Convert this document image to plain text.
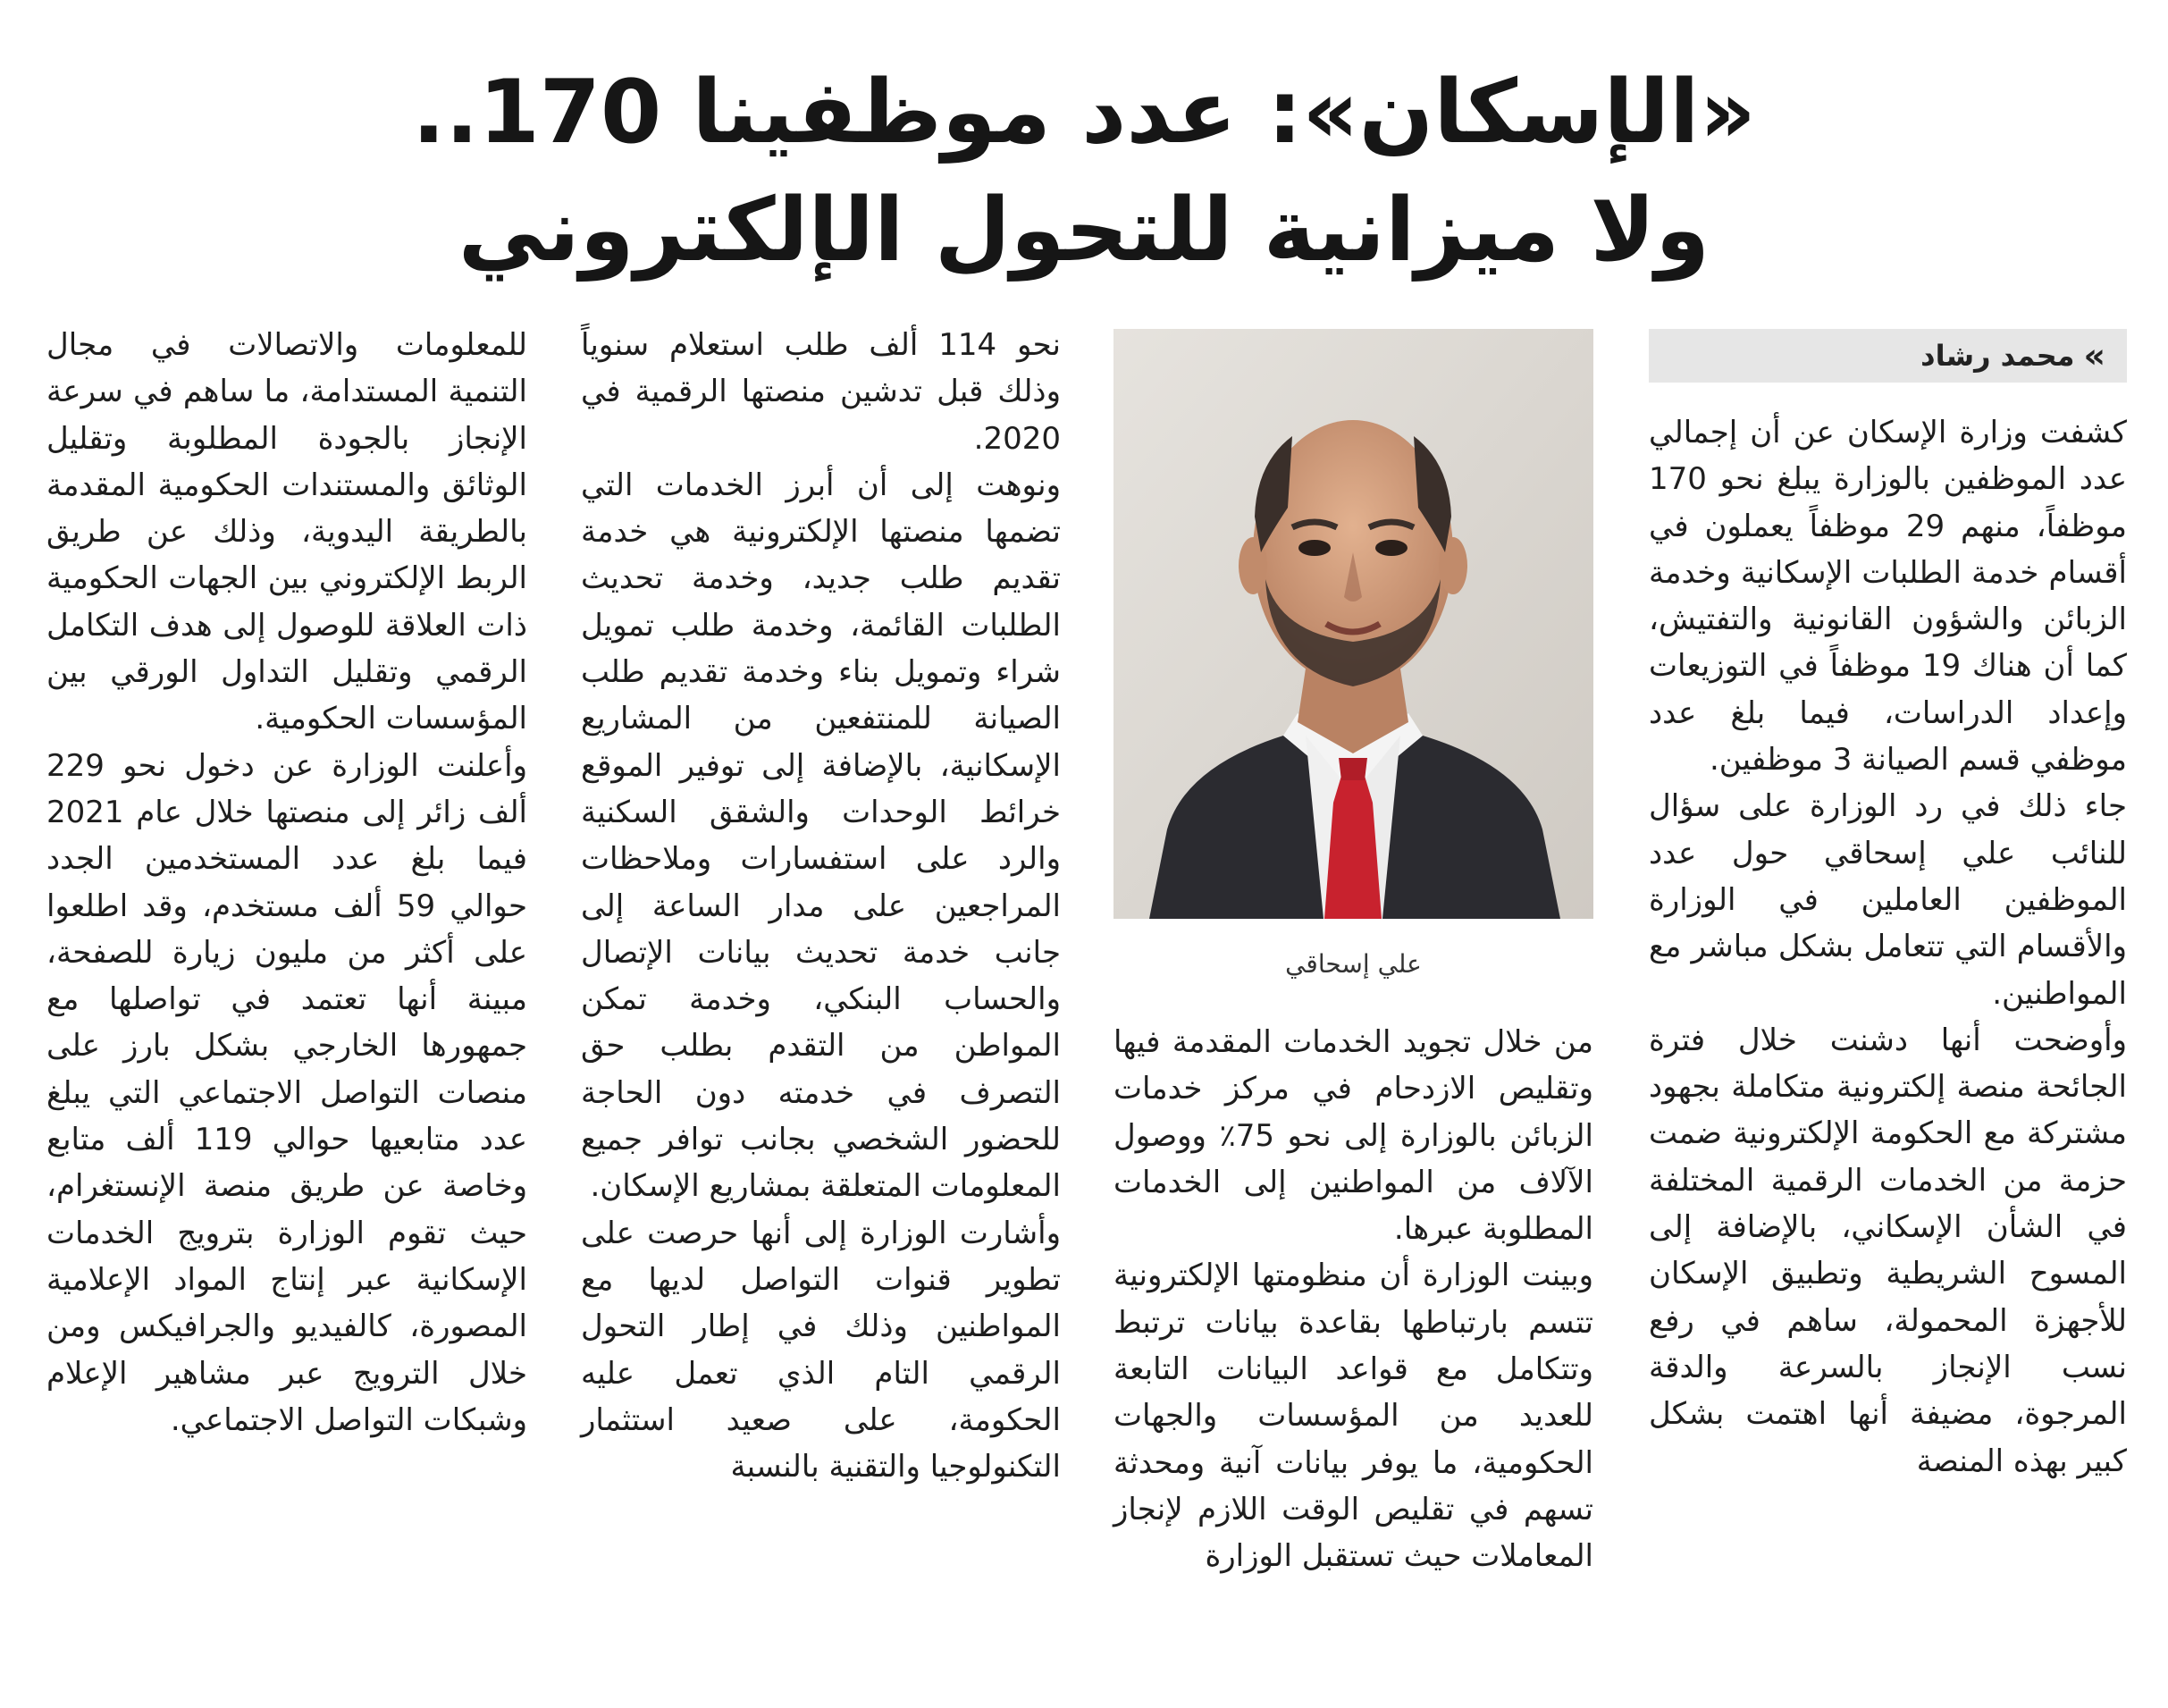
«الإسكان»: عدد موظفينا 170..
ولا ميزانية للتحول الإلكتروني
»
محمد رشاد

كشفت وزارة الإسكان عن أن إجمالي عدد الموظفين بالوزارة يبلغ نحو 170 موظفاً، منهم 29 موظفاً يعملون في أقسام خدمة الطلبات الإسكانية وخدمة الزبائن والشؤون القانونية والتفتيش، كما أن هناك 19 موظفاً في التوزيعات وإعداد الدراسات، فيما بلغ عدد موظفي قسم الصيانة 3 موظفين.

جاء ذلك في رد الوزارة على سؤال للنائب علي إسحاقي حول عدد الموظفين العاملين في الوزارة والأقسام التي تتعامل بشكل مباشر مع المواطنين.

وأوضحت أنها دشنت خلال فترة الجائحة منصة إلكترونية متكاملة بجهود مشتركة مع الحكومة الإلكترونية ضمت حزمة من الخدمات الرقمية المختلفة في الشأن الإسكاني، بالإضافة إلى المسوح الشريطية وتطبيق الإسكان للأجهزة المحمولة، ساهم في رفع نسب الإنجاز بالسرعة والدقة المرجوة، مضيفة أنها اهتمت بشكل كبير بهذه المنصة

علي إسحاقي

من خلال تجويد الخدمات المقدمة فيها وتقليص الازدحام في مركز خدمات الزبائن بالوزارة إلى نحو 75٪ ووصول الآلاف من المواطنين إلى الخدمات المطلوبة عبرها.

وبينت الوزارة أن منظومتها الإلكترونية تتسم بارتباطها بقاعدة بيانات ترتبط وتتكامل مع قواعد البيانات التابعة للعديد من المؤسسات والجهات الحكومية، ما يوفر بيانات آنية ومحدثة تسهم في تقليص الوقت اللازم لإنجاز المعاملات حيث تستقبل الوزارة

نحو 114 ألف طلب استعلام سنوياً وذلك قبل تدشين منصتها الرقمية في 2020.

ونوهت إلى أن أبرز الخدمات التي تضمها منصتها الإلكترونية هي خدمة تقديم طلب جديد، وخدمة تحديث الطلبات القائمة، وخدمة طلب تمويل شراء وتمويل بناء وخدمة تقديم طلب الصيانة للمنتفعين من المشاريع الإسكانية، بالإضافة إلى توفير الموقع خرائط الوحدات والشقق السكنية والرد على استفسارات وملاحظات المراجعين على مدار الساعة إلى جانب خدمة تحديث بيانات الإتصال والحساب البنكي، وخدمة تمكن المواطن من التقدم بطلب حق التصرف في خدمته دون الحاجة للحضور الشخصي بجانب توافر جميع المعلومات المتعلقة بمشاريع الإسكان.

وأشارت الوزارة إلى أنها حرصت على تطوير قنوات التواصل لديها مع المواطنين وذلك في إطار التحول الرقمي التام الذي تعمل عليه الحكومة، على صعيد استثمار التكنولوجيا والتقنية بالنسبة

للمعلومات والاتصالات في مجال التنمية المستدامة، ما ساهم في سرعة الإنجاز بالجودة المطلوبة وتقليل الوثائق والمستندات الحكومية المقدمة بالطريقة اليدوية، وذلك عن طريق الربط الإلكتروني بين الجهات الحكومية ذات العلاقة للوصول إلى هدف التكامل الرقمي وتقليل التداول الورقي بين المؤسسات الحكومية.

وأعلنت الوزارة عن دخول نحو 229 ألف زائر إلى منصتها خلال عام 2021 فيما بلغ عدد المستخدمين الجدد حوالي 59 ألف مستخدم، وقد اطلعوا على أكثر من مليون زيارة للصفحة، مبينة أنها تعتمد في تواصلها مع جمهورها الخارجي بشكل بارز على منصات التواصل الاجتماعي التي يبلغ عدد متابعيها حوالي 119 ألف متابع وخاصة عن طريق منصة الإنستغرام، حيث تقوم الوزارة بترويج الخدمات الإسكانية عبر إنتاج المواد الإعلامية المصورة، كالفيديو والجرافيكس ومن خلال الترويج عبر مشاهير الإعلام وشبكات التواصل الاجتماعي.
